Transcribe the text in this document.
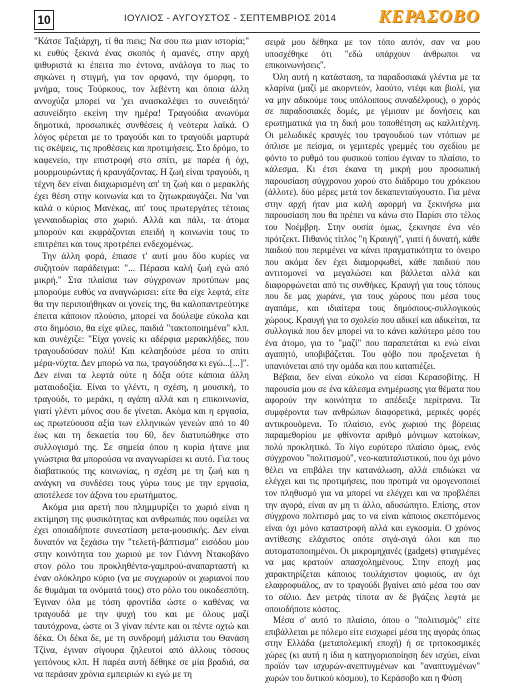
10	ΙΟΥΛΙΟΣ - ΑΥΓΟΥΣΤΟΣ - ΣΕΠΤΕΜΒΡΙΟΣ 2014 ΚΕΡΑΣΟΒΟ

"Κάτσε Ταξιάρχη, τί θα πιεις; Να σου πω μιαν ιστορία;" κι ευθύς ξεκινά ένας σκοπός ή αμανές, στην αρχή ψιθυριστά κι έπειτα πιο έντονα, ανάλογα το πως το σηκώνει η στιγμή, για τον ορφανό, την όμορφη, το μνήμα, τους Τούρκους, τον λεβέντη και όποια άλλη αννοχύζα μπορεί να 'χει ανασκαλέψει το συνειδητό/ασυνείδητο εκείνη την ημέρα! Τραγούδια ανωνύμα δημοτικά, προσωπικές συνθέσεις ή νεότερα λαϊκά. Ο λόγος φέρεται με το τραγούδι και το τραγούδι μαρτυρά τις σκέψεις, τις προθέσεις και προτιμήσεις. Στο δρόμο, το καφενείο, την επιστροφή στο σπίτι, με παρέα ή όχι, μουρμουρώντας ή κραυγάζοντας. Η ζωή είναι τραγούδι, η τέχνη δεν είναι διαχωρισμένη απ' τη ζωή και ο μερακλής έχει θέση στην κοινωνία και το ζητωκραυγάζει. Να 'ναι καλά ο κύριος Μανέκας, απ' τους πρωτεργάτες τέτοιας γενναιοδωρίας στο χωριό. Αλλά και πάλι, τα άτομα μπορούν και εκφράζονται επειδή η κοινωνία τους το επιτρέπει και τους προτρέπει ενδεχομένως.

Την άλλη φορά, έπιασε τ' αυτί μου δύο κυρίες να συζητούν παράδειγμα: "... Πέρασα καλή ζωή εγώ από μικρή." Στα πλαίσια των σύγχρονων προτύπων μας μπορούμε ευθύς να αναγνώρισει: είτε θα είχε λεφτά, είτε θα την περιποιήθηκαν οι γονείς της, θα καλοπαντρεύτηκε έπειτα κάποιον πλούσιο, μπορεί να δούλεψε εύκολα και στο δημόσιο, θα είχε φίλες, παιδιά "τακτοποιημένα" κλπ. και συνέχιζε: "Είχα γονείς κι αδέρφια μερακλήδες, που τραγουδούσαν πολύ! Και κελαηδούσε μέσα το σπίτι μέρα-νύχτα. Δεν μπορώ να πω, τραγούδησα κι εγώ...[...]". Δεν είναι τα λεφτά ούτε η δόξα ούτε κάποια άλλη ματαιοδοξία. Είναι το γλέντι, η σχέση, η μουσική, το τραγούδι, το μεράκι, η αγάπη αλλά και η επικοινωνία, γιατί γλέντι μόνος σου δε γίνεται. Ακόμα και η εργασία, ως πρωτεύουσα αξία των ελληνικών γενεών από το 40 έως και τη δεκαετία του 60, δεν διατυπώθηκε στο συλλογισμό της. Σε σημεία όπου η κυρία ήτανε μια γνώστρια θα μπορούσα να αναγνωρίσει κι αυτό. Για τους διαβατικούς της κοινωνίας, η σχέση με τη ζωή και η ανάγκη να συνδέσει τους γύρω τους με την εργασία, αποτέλεσε τον άξονα του ερωτήματος.

Ακόμα μια αρετή που πλημμυρίζει το χωριό είναι η εκτίμηση της φυσικότητας και ανθρωπιάς που οφείλει να έχει οποιαδήποτε συνεστίαση μετα-μουσικής. Δεν είναι δυνατόν να ξεχάσω την "τελετή-βάπτισμα" εισόδου μου στην κοινότητα του χωριού με τον Γιάννη Ντακοβάνο στον ρόλο του προκληθέντα-γαμπρού-αναπαρταστή κι έναν ολόκληρο κύριο (να με συγχωρούν οι χωριανοί που δε θυμάμαι τα ονόματά τους) στο ρόλο του οικοδεσπότη. Έγιναν όλα με τόση φροντίδα ώστε ο καθένας να τραγουδά με την ψυχή του και με όλους μαζί ταυτόχρονα, ώστε οι 3 γίναν πέντε και οι πέντε οχτώ και δέκα. Οι δέκα δε, με τη συνδρομή μάλιστα του Θανάση Τζίνα, έγιναν σίγουρα ζηλευτοί από άλλους τόσους γειτόνους κλπ. Η παρέα αυτή δέθηκε σε μία βραδιά, σα να περάσαν χρόνια εμπειριών κι εγώ με τη

σειρά μου δέθηκα με τον τόπο αυτόν, σαν να μου υποσχέθηκε ότι "εδώ υπάρχουν άνθρωποι να επικοινωνήσεις".

Όλη αυτή η κατάσταση, τα παραδοσιακά γλέντια με τα κλαρίνα (μαζί με ακορντεόν, λαούτο, ντέφι και βιολί, για να μην αδικούμε τους υπόλοιπους συναδέλφους), ο χορός σε παραδοσιακές δομές, με γέμισαν με δονήσεις και ερωτηματικά για τη δική μου τοποθέτηση ως καλλιτέχνη. Οι μελωδικές κραυγές του τραγουδιού των ντόπιων με όπλισε με πείσμα, οι γεμιτερές γρεμμές του σχεδίου με φόντο το ρυθμό του φυσικού τοπίου έγιναν το πλαίσιο, το κάλεσμα. Κι έτσι έκανα τη μικρή μου προσωπική παρουσίαση σύγχρονου χορού στο διάδρομο του χρόκειου (άλλοτε). δύο μέρες μετά τον δεκαπενταύγουστο. Για μένα στην αρχή ήταν μια καλή αφορμή να ξεκινήσω μια παρουσίαση που θα πρέπει να κάνω στο Παρίσι στο τέλος του Νοέμβρη. Στην ουσία όμως, ξεκινησε ένα νέο πρότζεκτ. Πιθανός τίτλος "η Κραυγή", γιατί ή δυνατή, κάθε παιδιού που περιμένει να κάνει πραγματικότητα το όνειρο που ακόμα δεν έχει διαμορφωθεί, κάθε παιδιού που αντιτομονεί να μεγαλώσει και βάλλεται αλλά και διαφορφώνεται από τις συνθήκες. Κραυγή για τους τόπους που δε μας χωράνε, για τους χώρους που μέσα τους αγαπάμε, και ιδιαίτερα τους δημόσιους-συλλογικούς χώρους. Κραυγή για το σχολείο που αδικεί και αδικείται, τα συλλογικά που δεν μπορεί να το κάνει καλύτερο μέσο του ένα άτομο, για το "μαζί" που παραπετάται κι ενώ είναι αγαπητό, υποβιβάζεται. Του φόβο που προξενεται ή υπανιόνεται από την ομάδα και που καταπιέζει.

Βέβαια, δεν είναι εύκολο να είσαι Κερασοβίτης. Η παρουσία μου σε ένα κάλεσμα ενημέρωσης για θέματα που αφορούν την κοινότητα το απέδειξε περίτρανα. Τα συμφέροντα των ανθρώπων διαφορετικά, μερικές φορές αντικρουόμενα. Το πλαίσιο, ενός χωριού της βόρειας παραμεθορίου με φθίνοντα αριθμό μόνιμων κατοίκων, πολύ προκλητικό. Το λίγο ευρύτερο πλαίσιο όμως, ενός σύγχρονου "πολιτισμού", νεο-καπιταλιστικού, που όχι μόνο θέλει να επιβάλει την κατανάλωση, αλλά επιδιώκει να ελέγχει και τις προτιμήσεις, που προτιμά να ομογενοποιεί τον πληθυσμό για να μπορεί να ελέγχει και να προβλέπει την αγορά, είναι αν μη τι άλλο, αδυσώπητο. Επίσης, στον σύγχρονο πολιτισμό μας το να είναι κάποιος σκεπτόμενος είναι όχι μόνο καταστροφή αλλά και εγκοσμία. Ο χρόνος αντίθεσης ελάχιστος οπότε σιγά-σιγά όλοι και πιο αυτοματοποιημένοι. Οι μικρομηχανές (gadgets) φτιαγμένες να μας κρατούν απασχολημένους. Στην εποχή μας χαρακτηρίζεται κάποιος τουλάχιστον ψοφιούς, αν όχι ελαφροφυάλος, αν το τραγούδι βγαίνει από μέσα του σαν το σάλιο. Δεν μετράς τίποτα αν δε βγάζεις λεφτά με οποιοδήποτε κόστος.

Μέσα σ' αυτό το πλαίσιο, όπου ο "πολιτισμός" είτε επιβάλλεται με πόλεμο είτε εισχωρεί μέσα της αγοράς όπως στην Ελλάδα (μεταπολεμική εποχή) ή σε τριτοκοσμικές χώρες (κι αυτή η ίδια η κατηγοριοποίηση δεν ισχύει, είναι προϊόν των ισχυρών-ανεπτυγμένων και "αναπτυγμένων" χωρών του δυτικού κόσμου), το Κεράσοβο και η Φύση
